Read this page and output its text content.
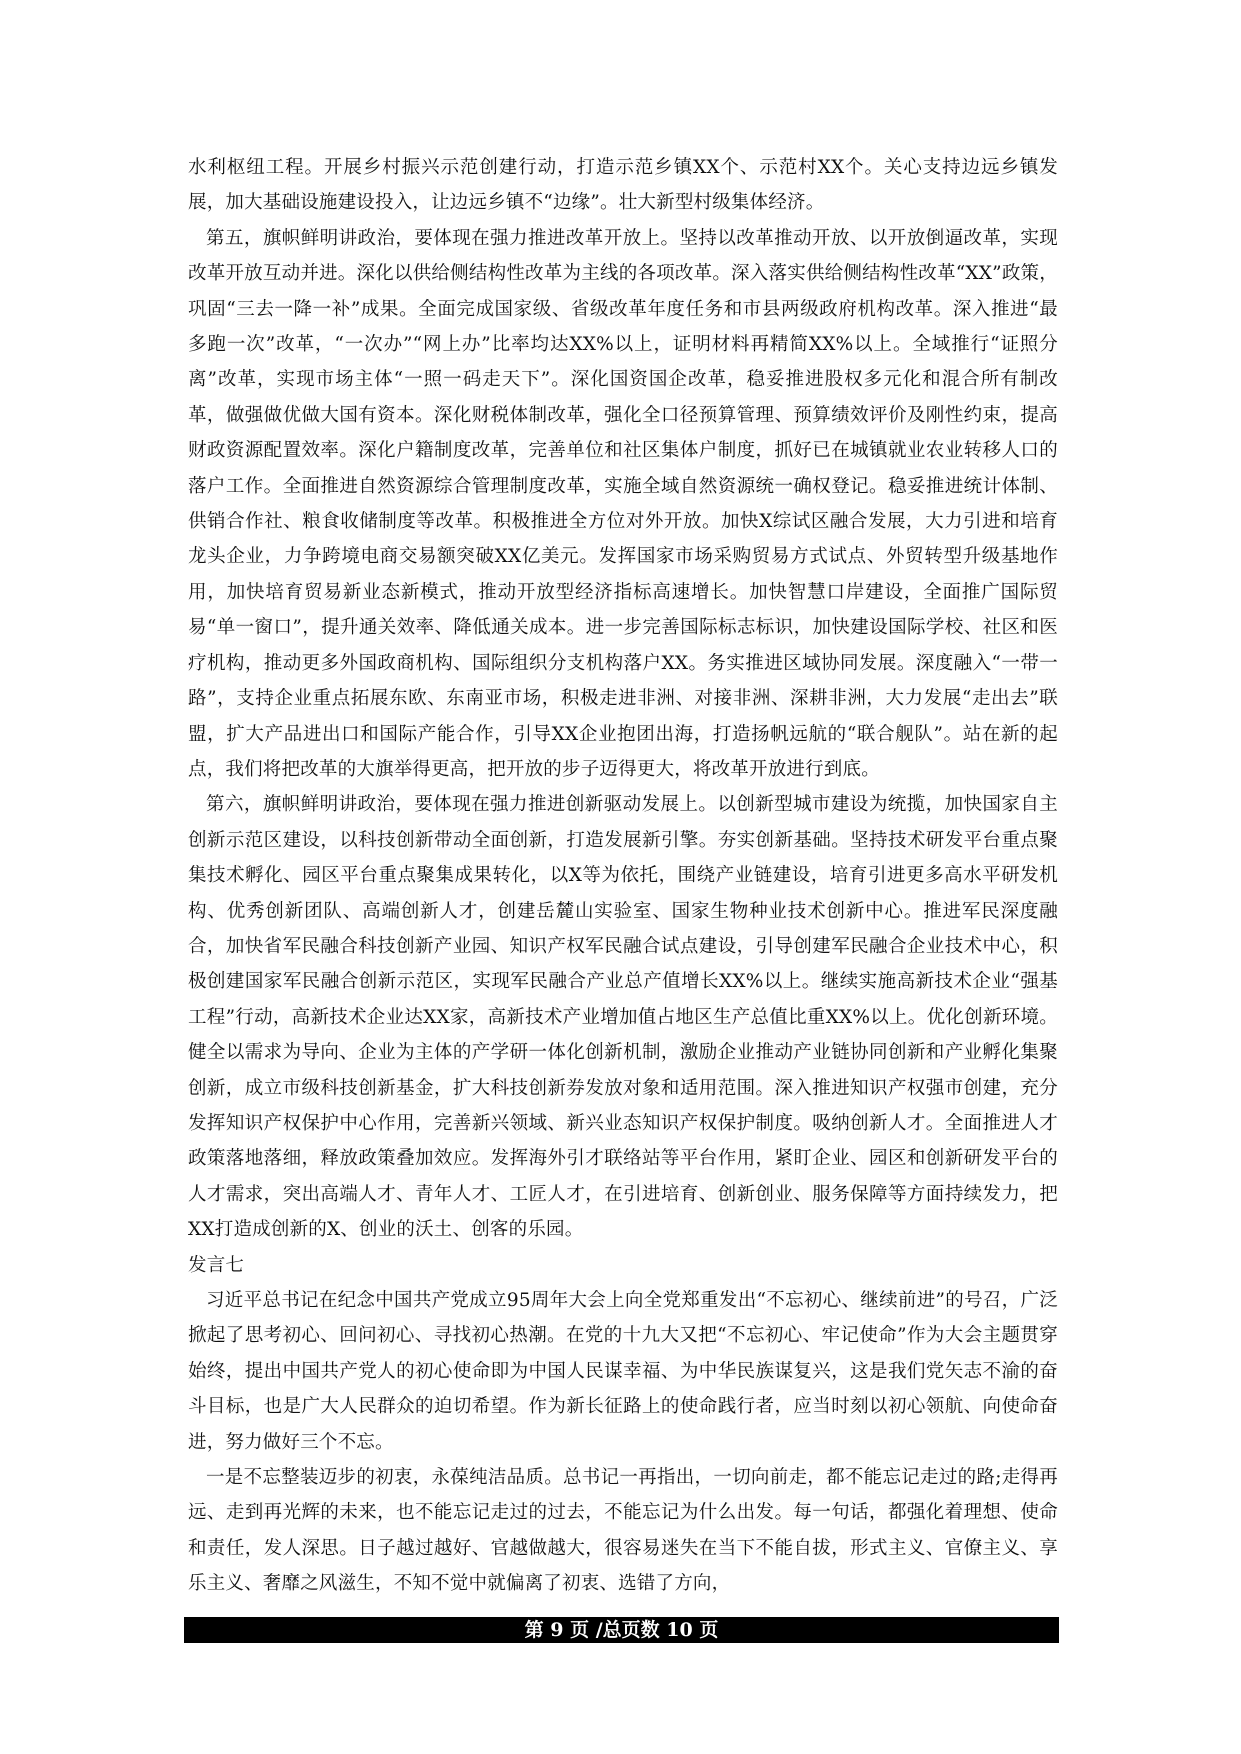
水利枢纽工程。开展乡村振兴示范创建行动，打造示范乡镇XX个、示范村XX个。关心支持边远乡镇发展，加大基础设施建设投入，让边远乡镇不“边缘”。壮大新型村级集体经济。

第五，旗帜鲜明讲政治，要体现在强力推进改革开放上。坚持以改革推动开放、以开放倒逼改革，实现改革开放互动并进。深化以供给侧结构性改革为主线的各项改革。深入落实供给侧结构性改革“XX”政策，巩固“三去一降一补”成果。全面完成国家级、省级改革年度任务和市县两级政府机构改革。深入推进“最多跑一次”改革，“一次办”“网上办”比率均达XX%以上，证明材料再精简XX%以上。全域推行“证照分离”改革，实现市场主体“一照一码走天下”。深化国资国企改革，稳妥推进股权多元化和混合所有制改革，做强做优做大国有资本。深化财税体制改革，强化全口径预算管理、预算绩效评价及刚性约束，提高财政资源配置效率。深化户籍制度改革，完善单位和社区集体户制度，抓好已在城镇就业农业转移人口的落户工作。全面推进自然资源综合管理制度改革，实施全域自然资源统一确权登记。稳妥推进统计体制、供销合作社、粮食收储制度等改革。积极推进全方位对外开放。加快X综试区融合发展，大力引进和培育龙头企业，力争跨境电商交易额突破XX亿美元。发挥国家市场采购贸易方式试点、外贸转型升级基地作用，加快培育贸易新业态新模式，推动开放型经济指标高速增长。加快智慧口岸建设，全面推广国际贸易“单一窗口”，提升通关效率、降低通关成本。进一步完善国际标志标识，加快建设国际学校、社区和医疗机构，推动更多外国政商机构、国际组织分支机构落户XX。务实推进区域协同发展。深度融入“一带一路”，支持企业重点拓展东欧、东南亚市场，积极走进非洲、对接非洲、深耕非洲，大力发展“走出去”联盟，扩大产品进出口和国际产能合作，引导XX企业抱团出海，打造扬帆远航的“联合舰队”。站在新的起点，我们将把改革的大旗举得更高，把开放的步子迈得更大，将改革开放进行到底。

第六，旗帜鲜明讲政治，要体现在强力推进创新驱动发展上。以创新型城市建设为统揽，加快国家自主创新示范区建设，以科技创新带动全面创新，打造发展新引擎。夯实创新基础。坚持技术研发平台重点聚集技术孵化、园区平台重点聚集成果转化，以X等为依托，围绕产业链建设，培育引进更多高水平研发机构、优秀创新团队、高端创新人才，创建岳麓山实验室、国家生物种业技术创新中心。推进军民深度融合，加快省军民融合科技创新产业园、知识产权军民融合试点建设，引导创建军民融合企业技术中心，积极创建国家军民融合创新示范区，实现军民融合产业总产值增长XX%以上。继续实施高新技术企业“强基工程”行动，高新技术企业达XX家，高新技术产业增加值占地区生产总值比重XX%以上。优化创新环境。健全以需求为导向、企业为主体的产学研一体化创新机制，激励企业推动产业链协同创新和产业孵化集聚创新，成立市级科技创新基金，扩大科技创新券发放对象和适用范围。深入推进知识产权强市创建，充分发挥知识产权保护中心作用，完善新兴领域、新兴业态知识产权保护制度。吸纳创新人才。全面推进人才政策落地落细，释放政策叠加效应。发挥海外引才联络站等平台作用，紧盯企业、园区和创新研发平台的人才需求，突出高端人才、青年人才、工匠人才，在引进培育、创新创业、服务保障等方面持续发力，把XX打造成创新的X、创业的沃土、创客的乐园。

发言七

习近平总书记在纪念中国共产党成立95周年大会上向全党郑重发出“不忘初心、继续前进”的号召，广泛掀起了思考初心、回问初心、寻找初心热潮。在党的十九大又把“不忘初心、牢记使命”作为大会主题贯穿始终，提出中国共产党人的初心使命即为中国人民谋幸福、为中华民族谋复兴，这是我们党矢志不渝的奋斗目标，也是广大人民群众的迫切希望。作为新长征路上的使命践行者，应当时刻以初心领航、向使命奋进，努力做好三个不忘。

一是不忘整装迈步的初衷，永葆纯洁品质。总书记一再指出，一切向前走，都不能忘记走过的路;走得再远、走到再光辉的未来，也不能忘记走过的过去，不能忘记为什么出发。每一句话，都强化着理想、使命和责任，发人深思。日子越过越好、官越做越大，很容易迷失在当下不能自拔，形式主义、官僚主义、享乐主义、奢靡之风滋生，不知不觉中就偏离了初衷、选错了方向，

第 9 页 /总页数 10 页
